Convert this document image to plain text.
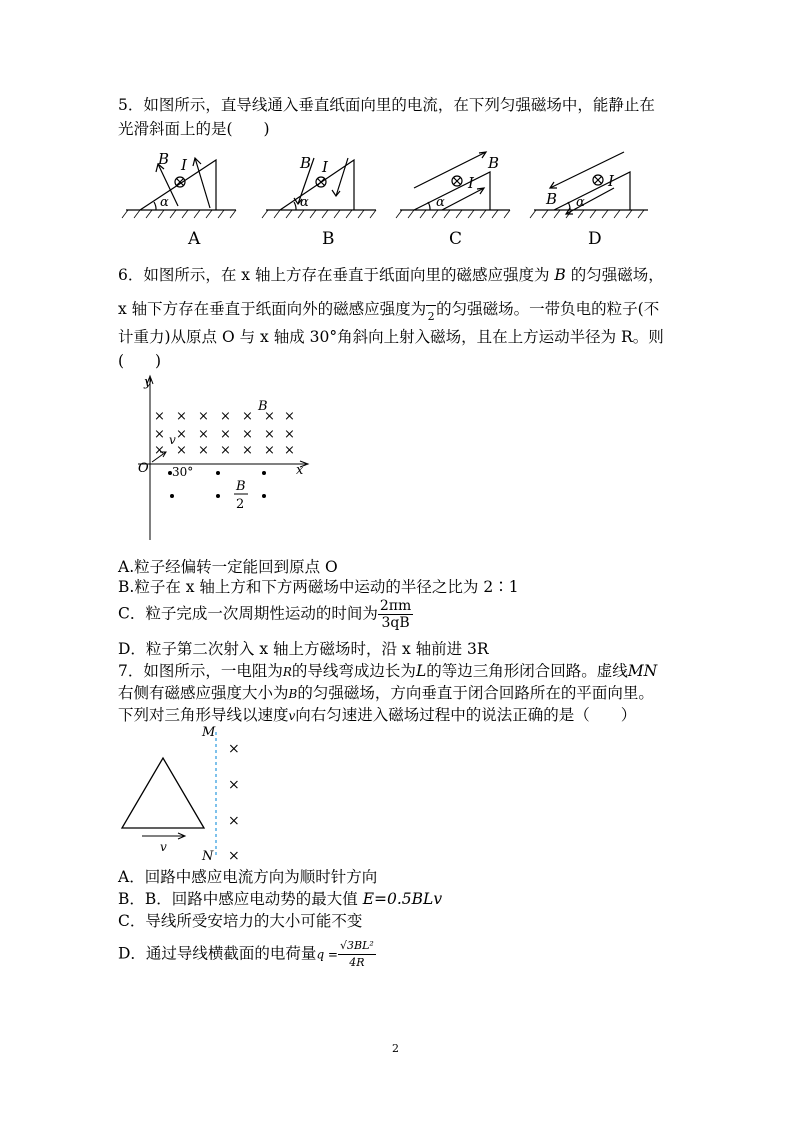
5．如图所示，直导线通入垂直纸面向里的电流，在下列匀强磁场中，能静止在
光滑斜面上的是(　　)
B I
α
A
B I
α
B
B
I
α
C
B
I
α
D
6．如图所示，在 x 轴上方存在垂直于纸面向里的磁感应强度为 B 的匀强磁场，
x 轴下方存在垂直于纸面向外的磁感应强度为 2的匀强磁场。一带负电的粒子(不
计重力)从原点 O 与 x 轴成 30°角斜向上射入磁场，且在上方运动半径为 R。则
(　　)
× × × × × × ×
× × × × × × ×
× × × × × × ×
y
x
O
v
30°
B
B
2
A.粒子经偏转一定能回到原点 O
B.粒子在 x 轴上方和下方两磁场中运动的半径之比为 2∶1
C．粒子完成一次周期性运动的时间为 $\frac{2\pi m}{3qB}$
D．粒子第二次射入 x 轴上方磁场时，沿 x 轴前进 3R
7．如图所示，一电阻为R的导线弯成边长为L的等边三角形闭合回路。虚线MN
右侧有磁感应强度大小为B的匀强磁场，方向垂直于闭合回路所在的平面向里。
下列对三角形导线以速度v向右匀速进入磁场过程中的说法正确的是（　　）
×
×
×
×
v
M
N
A．回路中感应电流方向为顺时针方向
B．B．回路中感应电动势的最大值 E=0.5BLv
C．导线所受安培力的大小可能不变
D．通过导线横截面的电荷量$q = \frac{\text{√3BL²}}{4R}$
2
